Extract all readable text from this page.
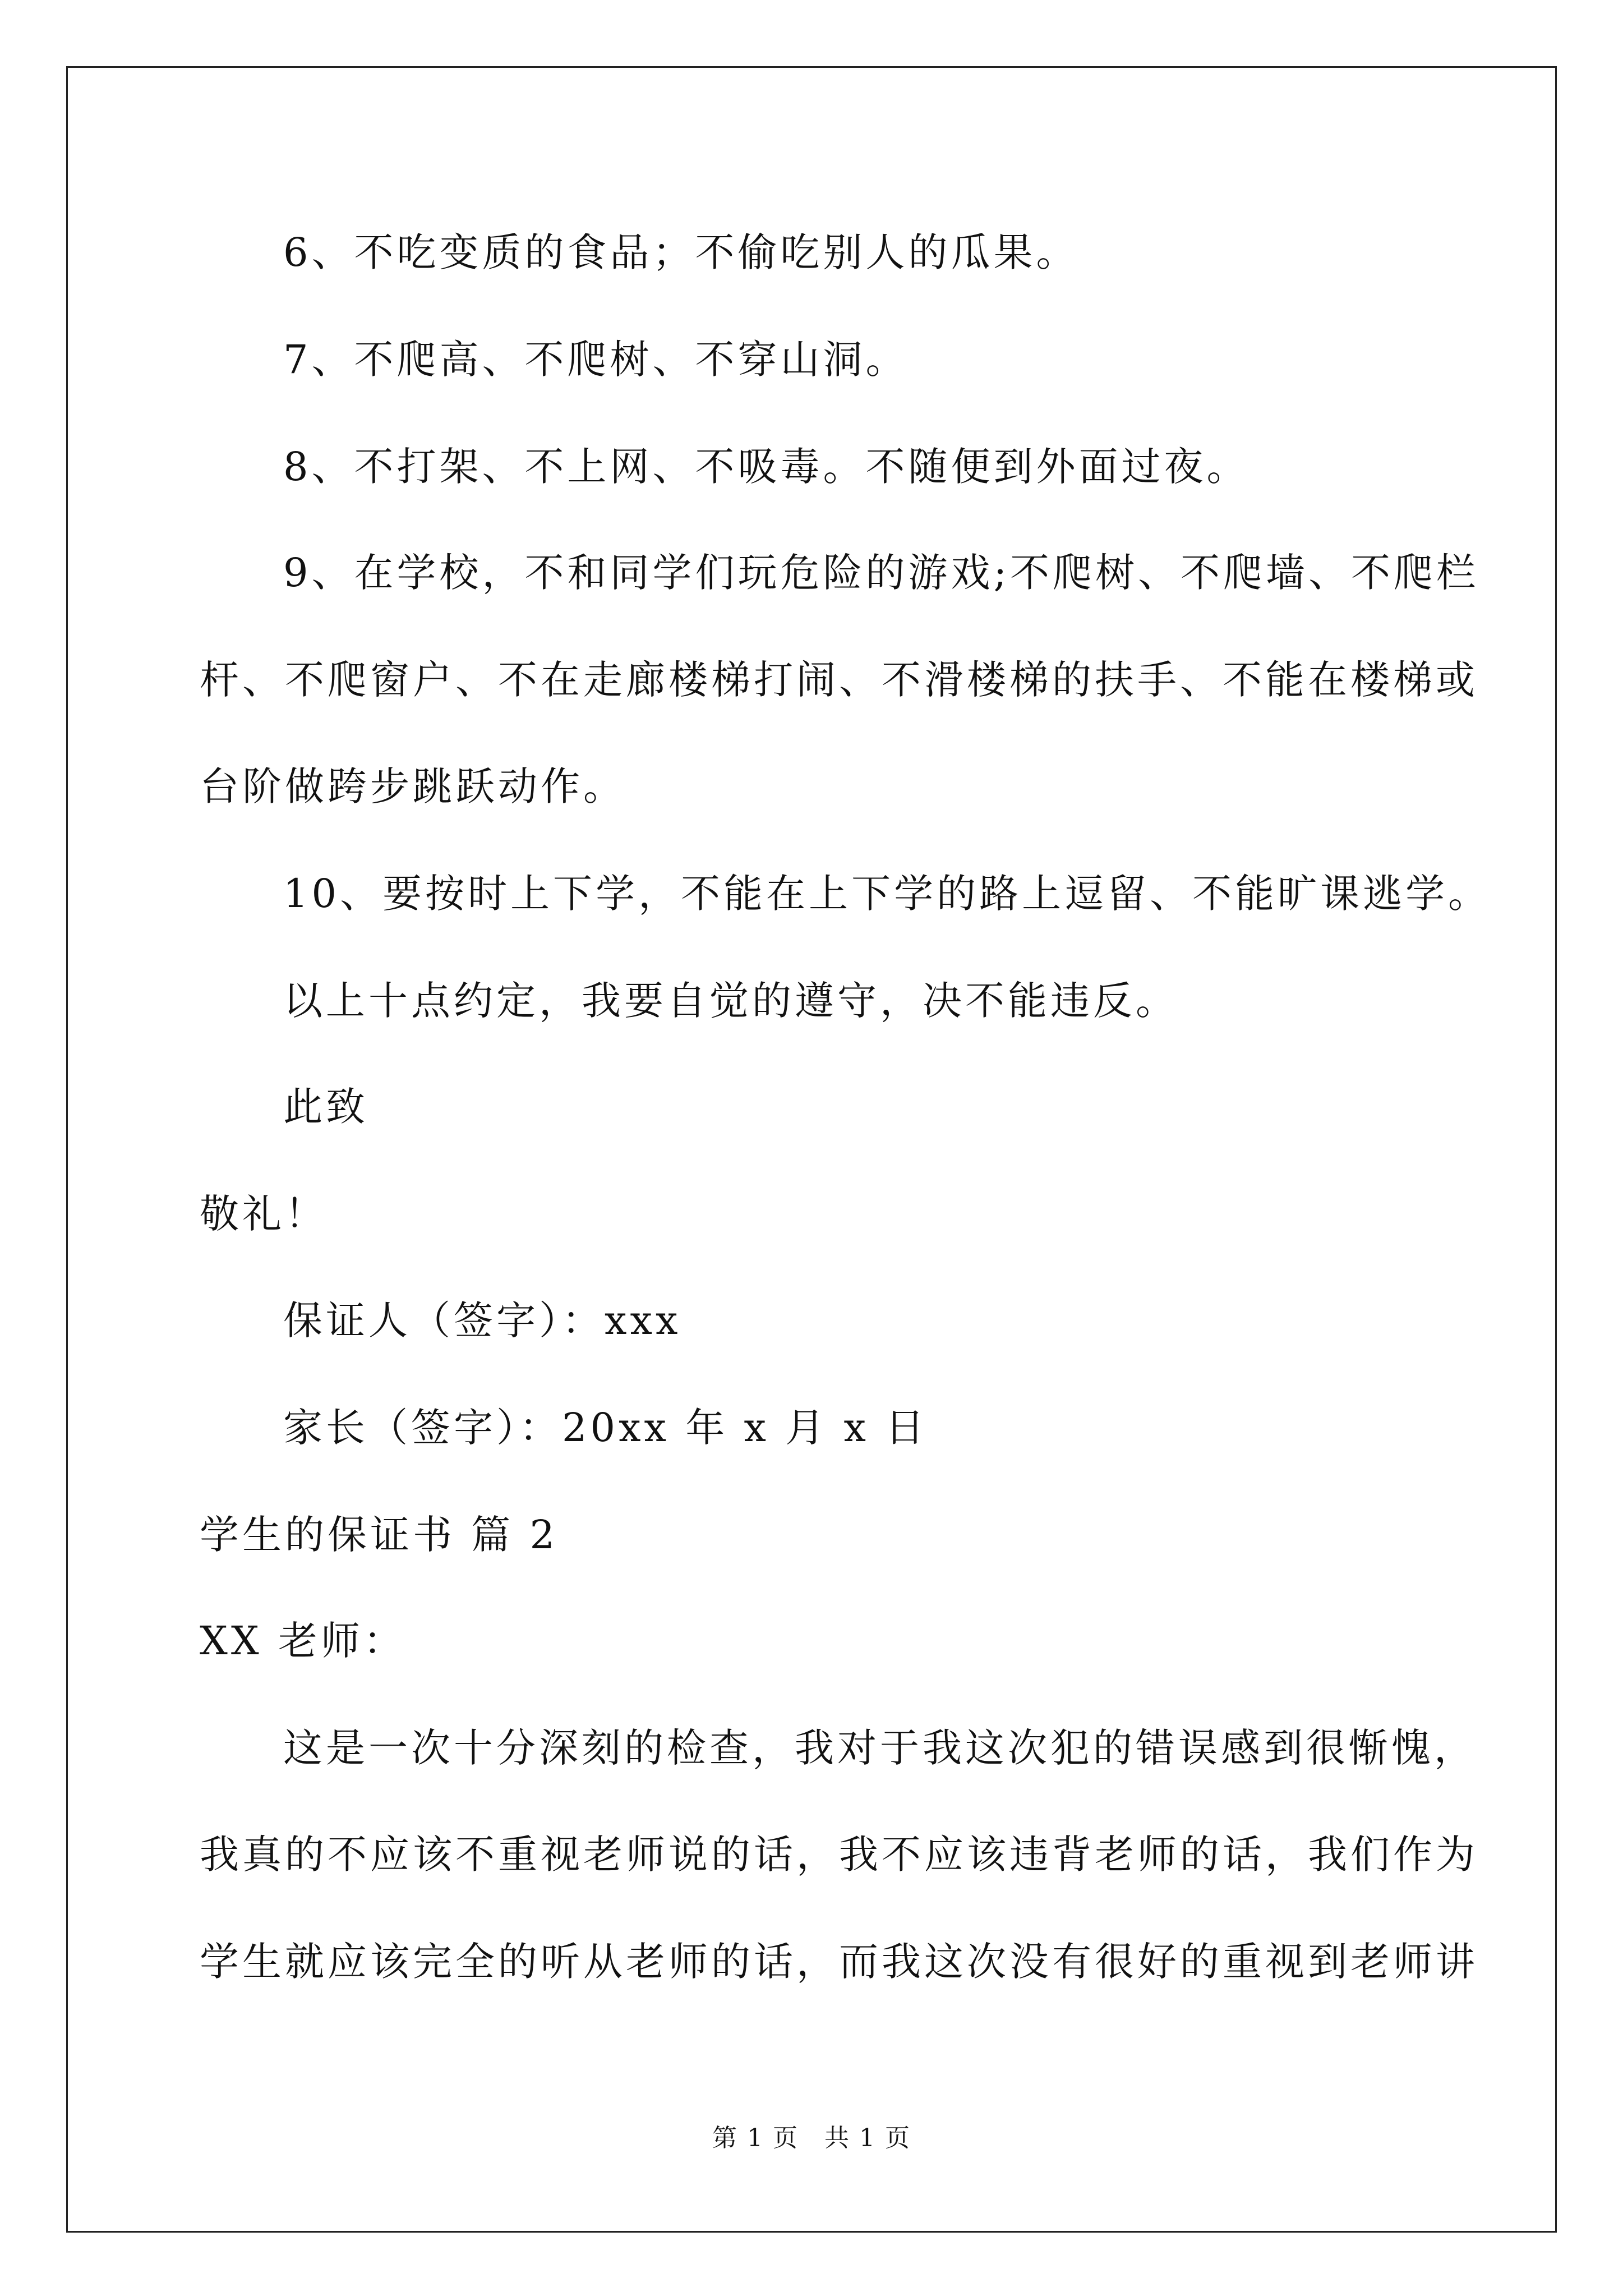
6、不吃变质的食品；不偷吃别人的瓜果。
7、不爬高、不爬树、不穿山洞。
8、不打架、不上网、不吸毒。不随便到外面过夜。
9、在学校，不和同学们玩危险的游戏;不爬树、不爬墙、不爬栏
杆、不爬窗户、不在走廊楼梯打闹、不滑楼梯的扶手、不能在楼梯或
台阶做跨步跳跃动作。
10、要按时上下学，不能在上下学的路上逗留、不能旷课逃学。
以上十点约定，我要自觉的遵守，决不能违反。
此致
敬礼！
保证人（签字）：xxx
家长（签字）：20xx 年 x 月 x 日
学生的保证书 篇 2
XX 老师：
这是一次十分深刻的检查，我对于我这次犯的错误感到很惭愧，
我真的不应该不重视老师说的话，我不应该违背老师的话，我们作为
学生就应该完全的听从老师的话，而我这次没有很好的重视到老师讲
第 1 页　共 1 页
